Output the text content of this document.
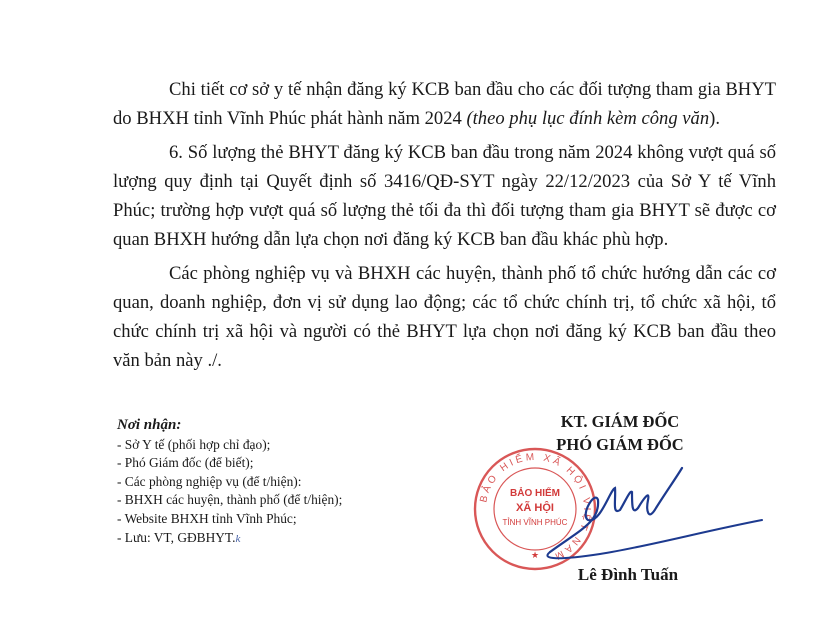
Chi tiết cơ sở y tế nhận đăng ký KCB ban đầu cho các đối tượng tham gia BHYT do BHXH tỉnh Vĩnh Phúc phát hành năm 2024 (theo phụ lục đính kèm công văn).

6. Số lượng thẻ BHYT đăng ký KCB ban đầu trong năm 2024 không vượt quá số lượng quy định tại Quyết định số 3416/QĐ-SYT ngày 22/12/2023 của Sở Y tế Vĩnh Phúc; trường hợp vượt quá số lượng thẻ tối đa thì đối tượng tham gia BHYT sẽ được cơ quan BHXH hướng dẫn lựa chọn nơi đăng ký KCB ban đầu khác phù hợp.

Các phòng nghiệp vụ và BHXH các huyện, thành phố tổ chức hướng dẫn các cơ quan, doanh nghiệp, đơn vị sử dụng lao động; các tổ chức chính trị, tổ chức xã hội, tổ chức chính trị xã hội và người có thẻ BHYT lựa chọn nơi đăng ký KCB ban đầu theo văn bản này ./.

Nơi nhận:
- Sở Y tế (phối hợp chỉ đạo);
- Phó Giám đốc (để biết);
- Các phòng nghiệp vụ (để t/hiện):
- BHXH các huyện, thành phố (để t/hiện);
- Website BHXH tỉnh Vĩnh Phúc;
- Lưu: VT, GĐBHYT.k
KT. GIÁM ĐỐC
PHÓ GIÁM ĐỐC
BẢO HIỂM XÃ HỘI VIỆT NAM
BẢO HIỂM
XÃ HỘI
TỈNH VĨNH PHÚC
★
Lê Đình Tuấn
